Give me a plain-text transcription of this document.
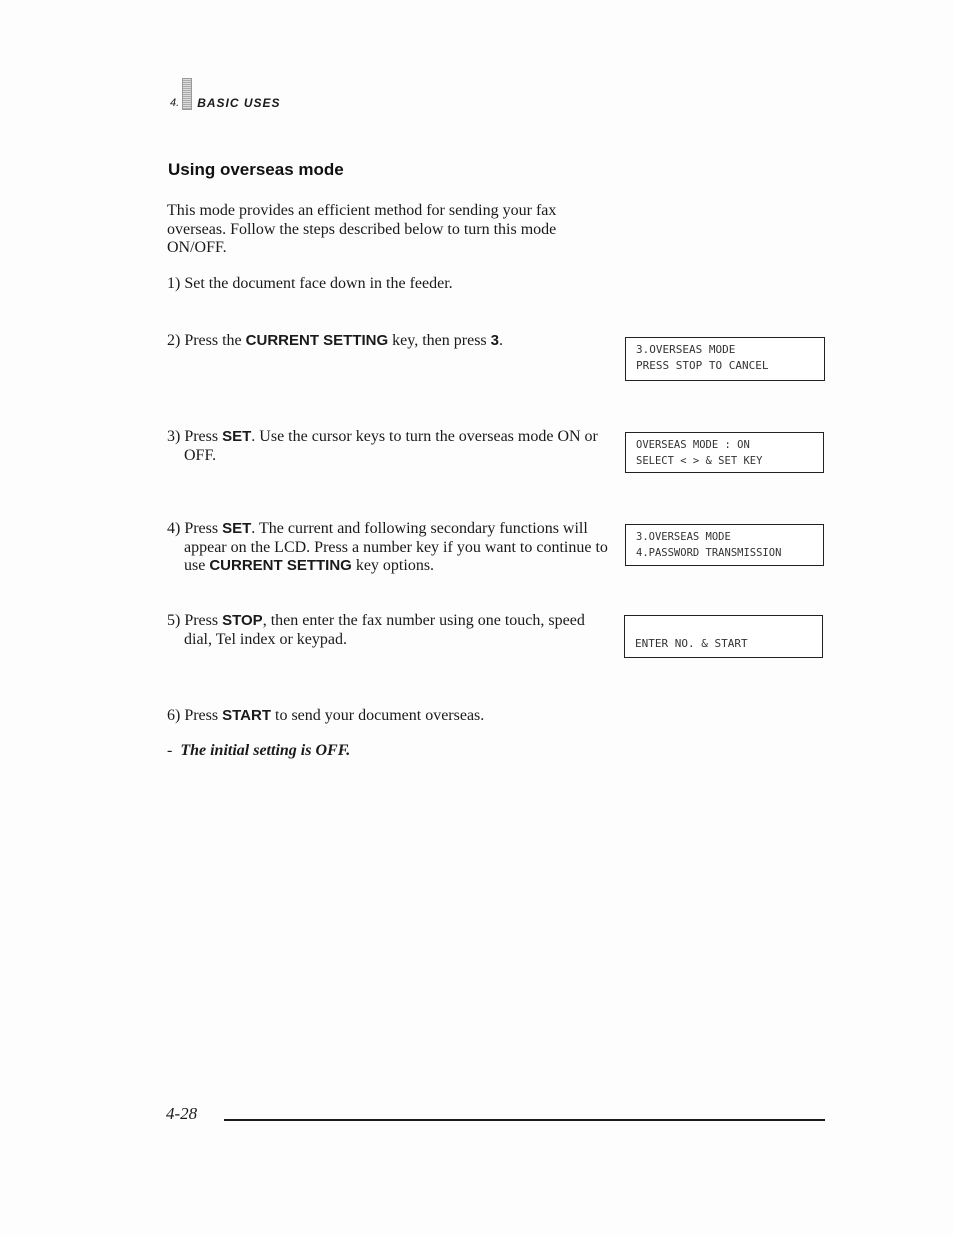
4. BASIC USES
Using overseas mode
This mode provides an efficient method for sending your fax overseas. Follow the steps described below to turn this mode ON/OFF.
1) Set the document face down in the feeder.
2) Press the CURRENT SETTING key, then press 3.
3) Press SET. Use the cursor keys to turn the overseas mode ON or OFF.
4) Press SET. The current and following secondary functions will appear on the LCD. Press a number key if you want to continue to use CURRENT SETTING key options.
5) Press STOP, then enter the fax number using one touch, speed dial, Tel index or keypad.
6) Press START to send your document overseas.
3.OVERSEAS MODE
PRESS STOP TO CANCEL
OVERSEAS MODE : ON
SELECT < > & SET KEY
3.OVERSEAS MODE
4.PASSWORD TRANSMISSION
ENTER NO. & START
- The initial setting is OFF.
4-28
